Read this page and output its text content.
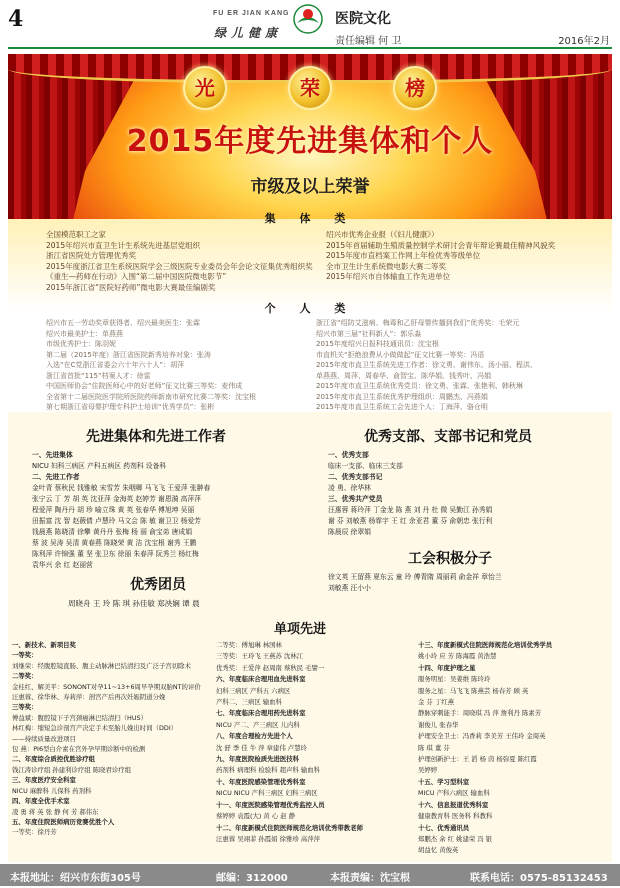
4	FU ER JIAN KANG
绿儿健康
医院文化
责任编辑 何 卫	2016年2月
光	荣	榜
2015年度先进集体和个人
市级及以上荣誉
集 体 类
全国模范职工之家
2015年绍兴市直卫生计生系统先进基层党组织
浙江省医院处方管理优秀奖
2015年度浙江省卫生系统医院学会三级医院专业委员会年会论文征集优秀组织奖
《重生—药师在行动》入围“第二届中国医院微电影节”
2015年浙江省“医院好药师”微电影大赛最佳编剧奖
绍兴市优秀企业报（《妇儿健康》）
2015年首届辅助生殖质量控制学术研讨会青年辩论赛最佳精神风貌奖
2015年度市直档案工作网上年检优秀等级单位
全市卫生计生系统微电影大赛二等奖
2015年绍兴市自体输血工作先进单位
个 人 类
绍兴市五一劳动奖章获得者、绍兴最美医生：张霖
绍兴市最美护士：单燕燕
市级优秀护士：陈羽妮
第二届（2015年度）浙江省医院新秀培养对象：张涛
入选“在C党浙江省委会六十年六十人”：胡萍
浙江省首批“115”档案人才：徐雷
中国医师协会“住院医师心中的好老师”征文比赛三等奖：麦伟成
全省第十二届医院医学院所医院药师新南市研究比赛二等奖：沈宝根
第七期浙江省母婴护理专科护士培训“优秀学员”：张彬
浙江省“绍防艾滋病、梅毒和乙肝母婴传播到我们”优秀奖：毛荣元
绍兴市第三届“社科新人”：郭乐淼
2015年度绍兴日报科技通讯员：沈宝根
市直机关“拒绝浪费从小做做起”征文比赛一等奖：冯语
2015年度市直卫生系统先进工作者：徐文勇、谢伟东、汤小丽、程洪、
单燕燕、周萍、周春华、俞智宝、陈华娟、钱秀叶、冯娟
2015年度市直卫生系统优秀党员：徐文勇、张霖、张艳利、韩秋琳
2015年度市直卫生系统优秀护理组织：周鹏杰、冯燕娟
2015年度市直卫生系统工会先进个人：丁海萍、骆仓明
先进集体和先进工作者
一、先进集体
NICU 妇科三病区 产科五病区 药剂科 设备科
二、先进工作者
金叶青 蔡秋民 钱雅敏 宋雪芳 朱咽卿 马飞飞 王爱萍 张翀春
张宁云 丁 芳 胡 英 沈亚萍 金海英 赵婷芳 谢恩漪 高萍萍
程爱萍 陶丹丹 胡 珍 喻立珠 黄 英 张春华 傅旭坤 吴丽
田振富 沈 智 赵薇倩 卢慧玲 马文会 陈 敏 谢卫卫 杨爱芳
钱晨燕 陈晓清 徐攀 黄丹丹 张梅 杨 丽 俞宝弟 唐成娟
蔡 波 吴涛 吴清 黄春燕 陈晓荣 黄 洁 沈宝根 谢秀 王鹏
陈利萍 许锦强 董 坚 张卫东 徐丽 朱春萍 阮秀兰 杨红梅
袁华兴 余 红 赵丽营
优秀团员
周晓舟 王 玲 陈 琪 孙佳敏 郑泱娴 谭 晨
优秀支部、支部书记和党员
一、优秀支部
临床一支部、临床三支部
二、优秀支部书记
凌 勇、徐华林
三、优秀共产党员
汪惠蓉 蒋玲萍 丁金龙 陈 燕 刘 丹 杜 微 吴勤江 孙秀娟
谢 芬 刘敏燕 杨霏宇 王 红 余亚君 董 芬 俞朝忠 张行利
陈晨辰 徐翠娟
工会积极分子
徐文英 王留燕 夏东云 童 玲 傅青隋 周丽莉 俞金祥 章怡兰
刘敏燕 汪小小
单项先进
一、新技术、新项目奖
一等奖：
刘继荣：经腹腔镜直肠、腹主动脉淋巴结清扫及广泛子宫切除术
二等奖：
金桂红、解美平：SONONT对孕11~13+6周早孕期双胎NT的评价
汪惠蓉、徐华林、寿莉萍：剖宫产后再次妊娠阴道分娩
三等奖：
傅益斌：腹腔镜下子宫颈癌淋巴结清扫（HUS）
林红梅：缩短急诊剖宫产决定手术至胎儿娩出时间（DDI）
——持续质量改进项目
包 燕：PI6型白介素在宫外孕早期诊断中的检测
二、年度综合质控优胜诊疗组
钱江涛诊疗组 孙建利诊疗组 陈晓君诊疗组
三、年度医疗安全科室
NICU 麻醉科 儿保科 药剂科
四、年度全优手术室
凌 勇 蒋 英 张 静 何 芳 郝伟东
五、年度住院医师病历竞赛优胜个人
一等奖：徐丹芳
二等奖：傅旭琳 林国林
三等奖：王玲飞 王燕苏 沈林江
优秀奖：王爱萍 赵周南 蔡秋民 毛譬一
六、年度临床合理用血先进科室
妇科三病区 产科五 六病区
产科二、三病区 输血科
七、年度临床合理用药先进科室
NICU 产二、产三病区 儿内科
八、年度合理检方先进个人
沈 舒 季 佳 牛 萍 章建伟 卢慧玲
九、年度医院检质先进医技科
药剂科 病理科 检验科 超声科 输血科
十、年度医院感染管理优秀科室
NICU NICU 产科三病区 妇科三病区
十一、年度医院感染管理优秀监控人员
蔡婷婷 袁霞(大) 黄 心 赵 静
十二、年度新模式住院医师规范化培训优秀带教老师
汪惠蓉 吴翊菲 孙霞娟 徐雅珍 高萍萍
十三、年度新模式住院医师规范化培训优秀学员
姚小玲 应 芳 陈海霞 黄浩慧
十四、年度护理之星
服务明星：吴姜维 陈玲玲
服务之星：马飞飞 陈燕芸 杨春芳 顾 英
金 芬 丁红燕
静脉穿刺能手：周晓琪 冯 萍 詹利丹 陈素芳
谢俊儿 张春华
护理安全卫士：冯香莉 李美芳 王伟玲 金周英
陈 琪 董 芬
护理创新护士：王 滔 杨 茵 杨弥夏 陈红霞
吴婷婷
十五、学习型科室
MICU 产科六病区 输血科
十六、信息报道优秀科室
健康教育科 医务科 科教科
十七、优秀通讯员
郑鹏杰 余 红 姚建荣 冯 银
胡益忆 黄俊英
本报地址：绍兴市东街305号	邮编：312000	本报责编：沈宝根	联系电话：0575-85132453
